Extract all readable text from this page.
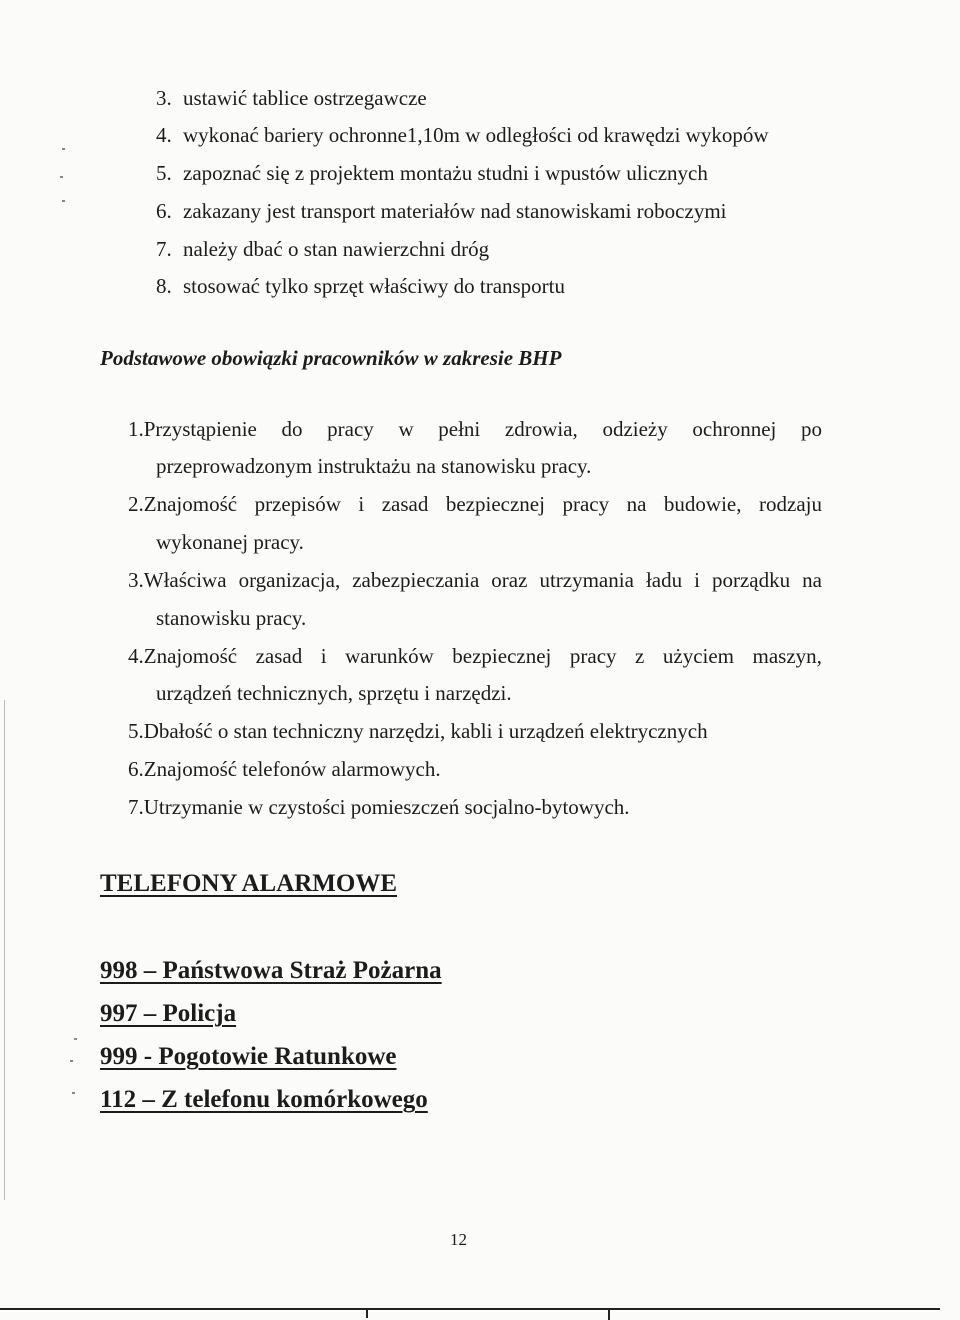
3. ustawić tablice ostrzegawcze
4. wykonać bariery ochronne1,10m w odległości od krawędzi wykopów
5. zapoznać się z projektem montażu studni i wpustów ulicznych
6. zakazany jest transport materiałów nad stanowiskami roboczymi
7. należy dbać o stan nawierzchni dróg
8. stosować tylko sprzęt właściwy do transportu
Podstawowe obowiązki pracowników w zakresie BHP
1. Przystąpienie do pracy w pełni zdrowia, odzieży ochronnej po
przeprowadzonym instruktażu na stanowisku pracy.
2. Znajomość przepisów i zasad bezpiecznej pracy na budowie, rodzaju
wykonanej pracy.
3. Właściwa organizacja, zabezpieczania oraz utrzymania ładu i porządku na
stanowisku pracy.
4. Znajomość zasad i warunków bezpiecznej pracy z użyciem maszyn,
urządzeń technicznych, sprzętu i narzędzi.
5.Dbałość o stan techniczny narzędzi, kabli i urządzeń elektrycznych
6.Znajomość telefonów alarmowych.
7.Utrzymanie w czystości pomieszczeń socjalno-bytowych.
TELEFONY ALARMOWE
998 – Państwowa Straż Pożarna
997 – Policja
999 - Pogotowie Ratunkowe
112 – Z telefonu komórkowego
12
